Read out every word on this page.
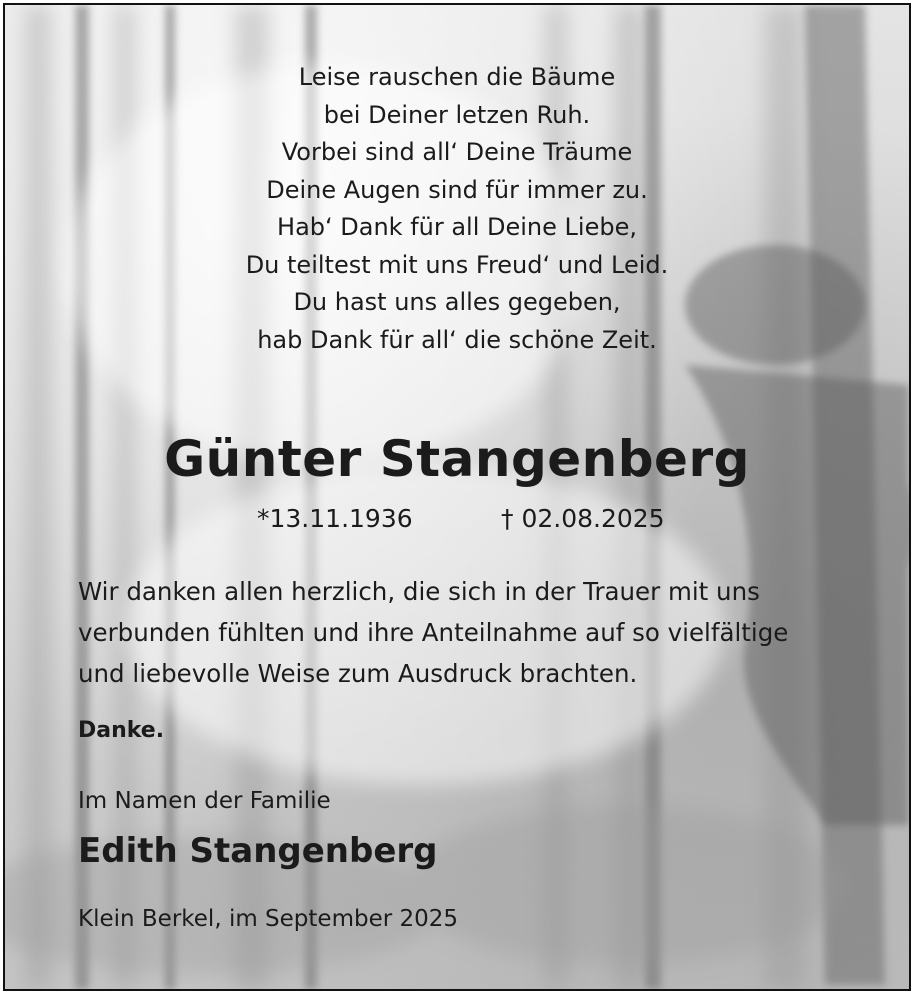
Leise rauschen die Bäume
bei Deiner letzen Ruh.
Vorbei sind all‘ Deine Träume
Deine Augen sind für immer zu.
Hab‘ Dank für all Deine Liebe,
Du teiltest mit uns Freud‘ und Leid.
Du hast uns alles gegeben,
hab Dank für all‘ die schöne Zeit.
Günter Stangenberg
*13.11.1936	† 02.08.2025
Wir danken allen herzlich, die sich in der Trauer mit uns
verbunden fühlten und ihre Anteilnahme auf so vielfältige
und liebevolle Weise zum Ausdruck brachten.
Danke.
Im Namen der Familie
Edith Stangenberg
Klein Berkel, im September 2025
